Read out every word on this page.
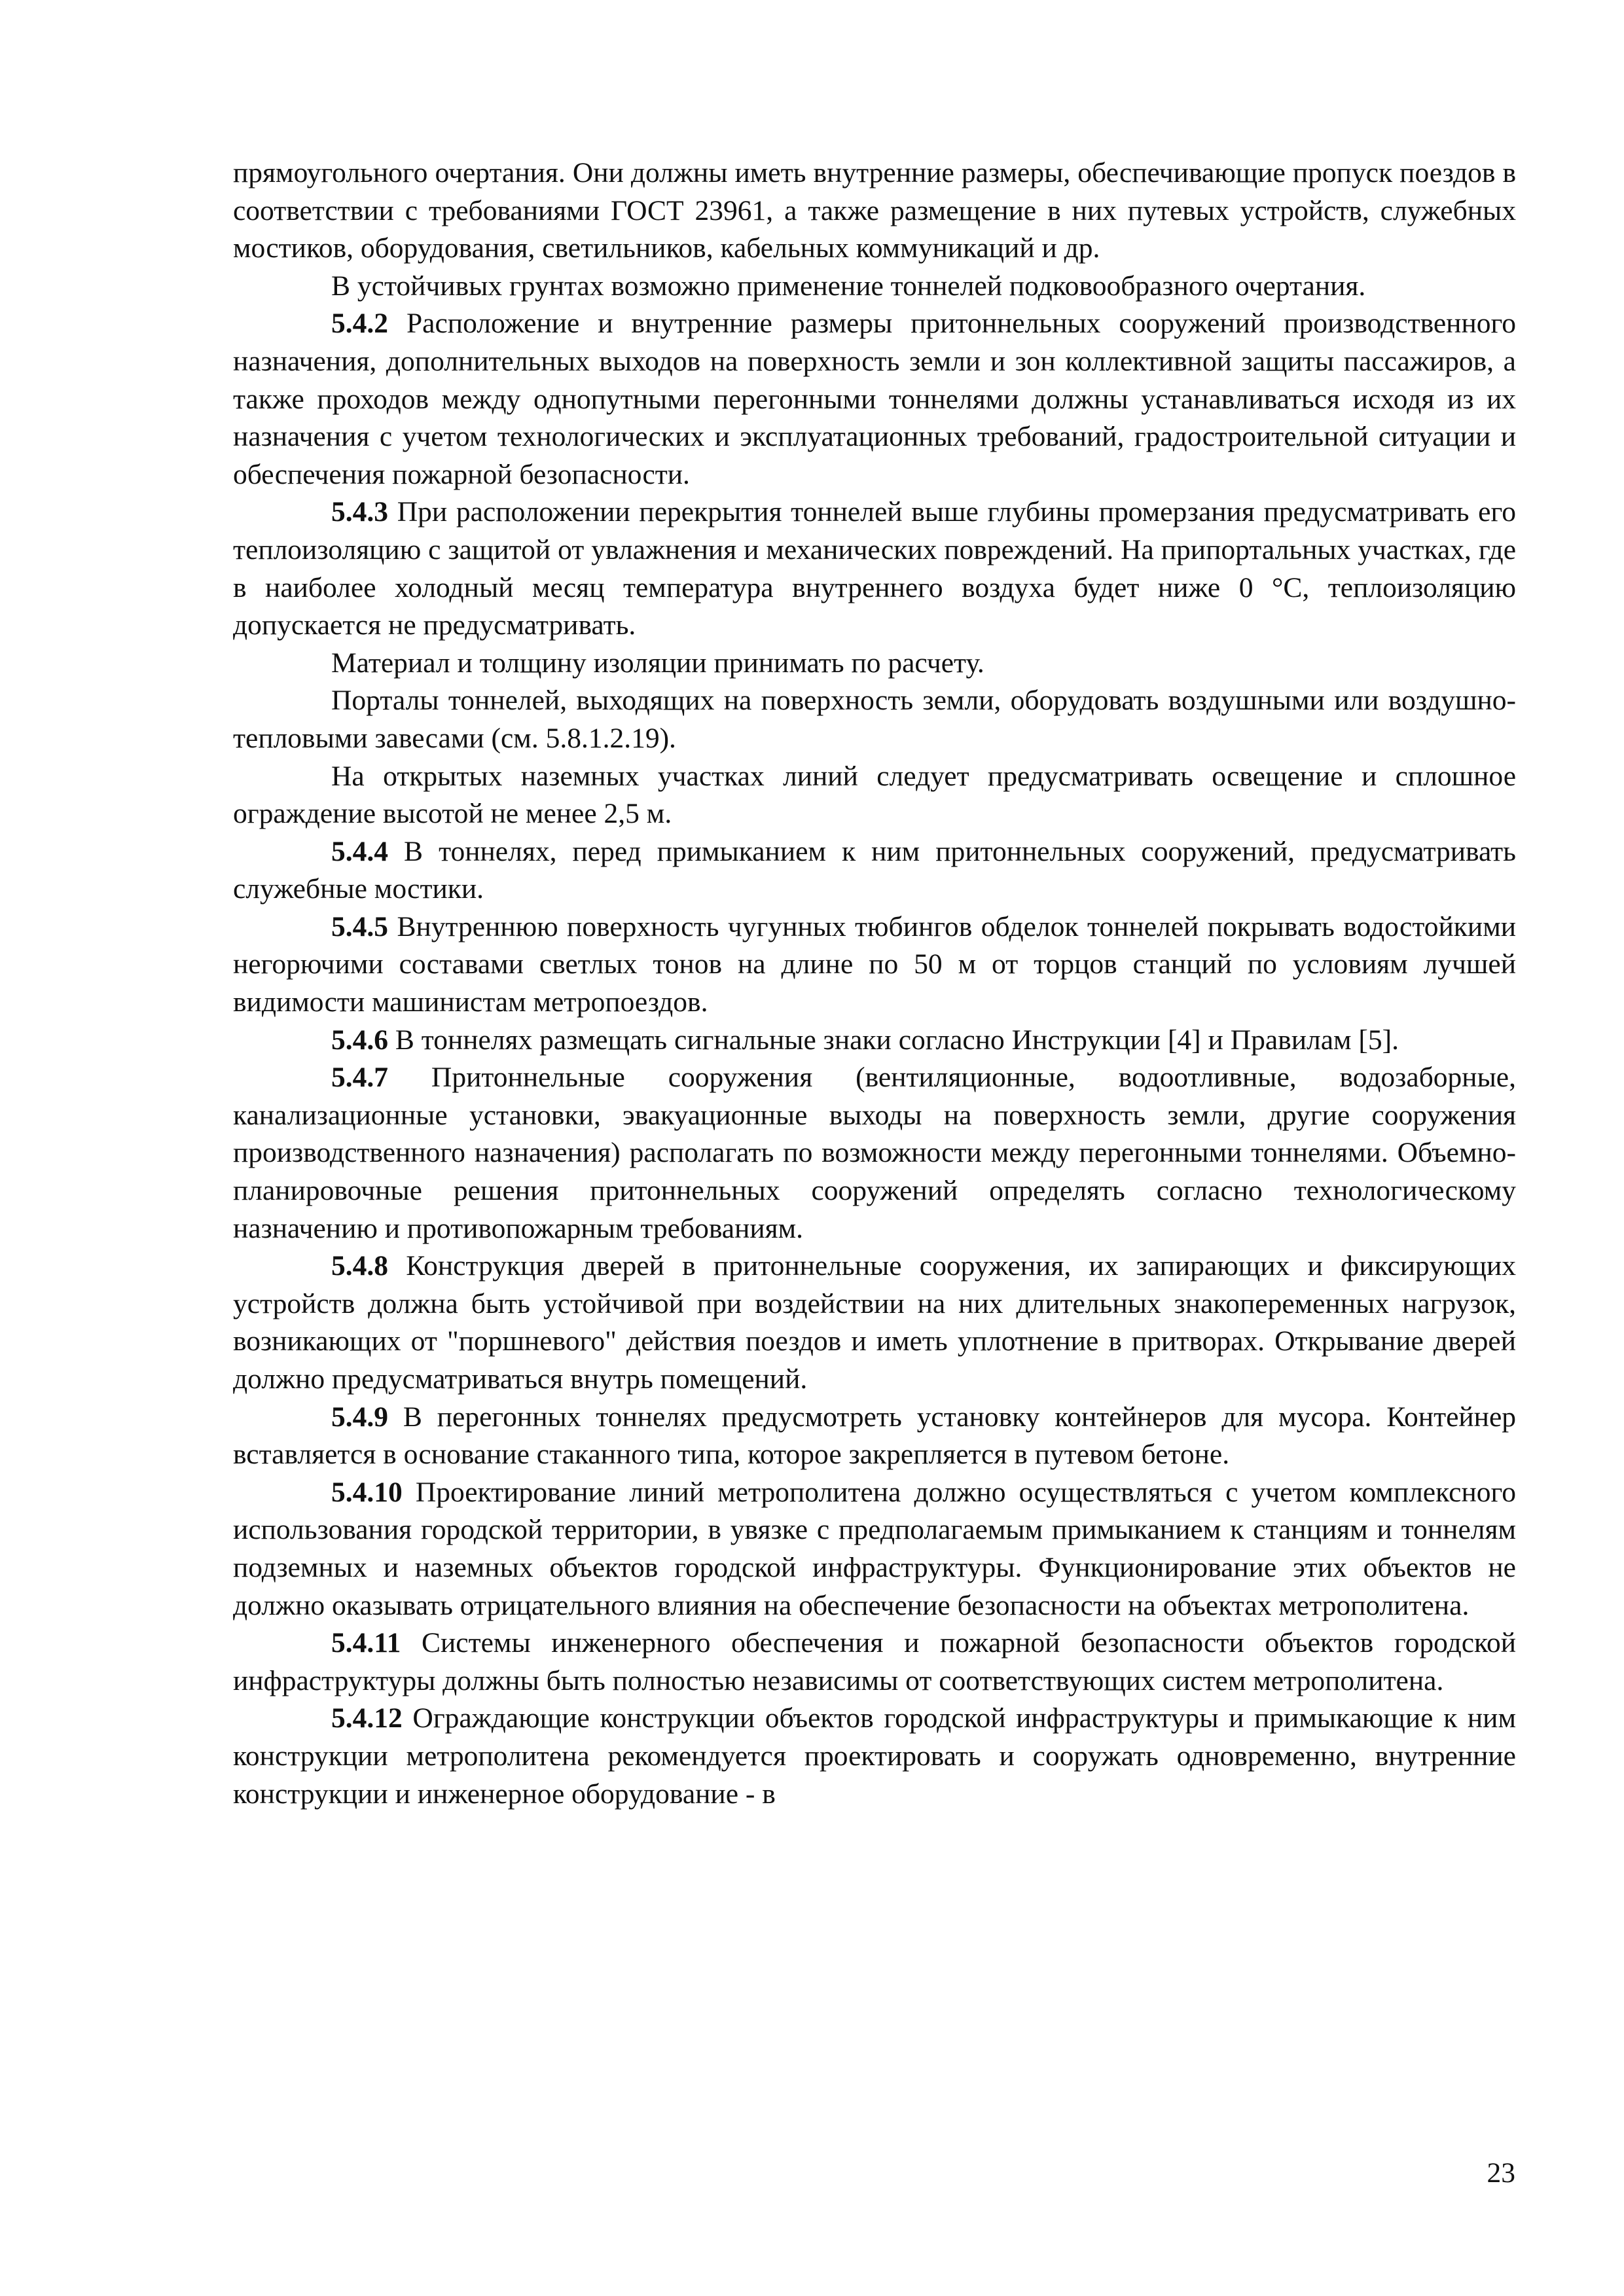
прямоугольного очертания. Они должны иметь внутренние размеры, обеспечивающие пропуск поездов в соответствии с требованиями ГОСТ 23961, а также размещение в них путевых устройств, служебных мостиков, оборудования, светильников, кабельных коммуникаций и др.

В устойчивых грунтах возможно применение тоннелей подковообразного очертания.

5.4.2 Расположение и внутренние размеры притоннельных сооружений производственного назначения, дополнительных выходов на поверхность земли и зон коллективной защиты пассажиров, а также проходов между однопутными перегонными тоннелями должны устанавливаться исходя из их назначения с учетом технологических и эксплуатационных требований, градостроительной ситуации и обеспечения пожарной безопасности.

5.4.3 При расположении перекрытия тоннелей выше глубины промерзания предусматривать его теплоизоляцию с защитой от увлажнения и механических повреждений. На припортальных участках, где в наиболее холодный месяц температура внутреннего воздуха будет ниже 0 °С, теплоизоляцию допускается не предусматривать.

Материал и толщину изоляции принимать по расчету.

Порталы тоннелей, выходящих на поверхность земли, оборудовать воздушными или воздушно-тепловыми завесами (см. 5.8.1.2.19).

На открытых наземных участках линий следует предусматривать освещение и сплошное ограждение высотой не менее 2,5 м.

5.4.4 В тоннелях, перед примыканием к ним притоннельных сооружений, предусматривать служебные мостики.

5.4.5 Внутреннюю поверхность чугунных тюбингов обделок тоннелей покрывать водостойкими негорючими составами светлых тонов на длине по 50 м от торцов станций по условиям лучшей видимости машинистам метропоездов.

5.4.6 В тоннелях размещать сигнальные знаки согласно Инструкции [4] и Правилам [5].

5.4.7 Притоннельные сооружения (вентиляционные, водоотливные, водозаборные, канализационные установки, эвакуационные выходы на поверхность земли, другие сооружения производственного назначения) располагать по возможности между перегонными тоннелями. Объемно-планировочные решения притоннельных сооружений определять согласно технологическому назначению и противопожарным требованиям.

5.4.8 Конструкция дверей в притоннельные сооружения, их запирающих и фиксирующих устройств должна быть устойчивой при воздействии на них длительных знакопеременных нагрузок, возникающих от "поршневого" действия поездов и иметь уплотнение в притворах. Открывание дверей должно предусматриваться внутрь помещений.

5.4.9 В перегонных тоннелях предусмотреть установку контейнеров для мусора. Контейнер вставляется в основание стаканного типа, которое закрепляется в путевом бетоне.

5.4.10 Проектирование линий метрополитена должно осуществляться с учетом комплексного использования городской территории, в увязке с предполагаемым примыканием к станциям и тоннелям подземных и наземных объектов городской инфраструктуры. Функционирование этих объектов не должно оказывать отрицательного влияния на обеспечение безопасности на объектах метрополитена.

5.4.11 Системы инженерного обеспечения и пожарной безопасности объектов городской инфраструктуры должны быть полностью независимы от соответствующих систем метрополитена.

5.4.12 Ограждающие конструкции объектов городской инфраструктуры и примыкающие к ним конструкции метрополитена рекомендуется проектировать и сооружать одновременно, внутренние конструкции и инженерное оборудование - в

23
